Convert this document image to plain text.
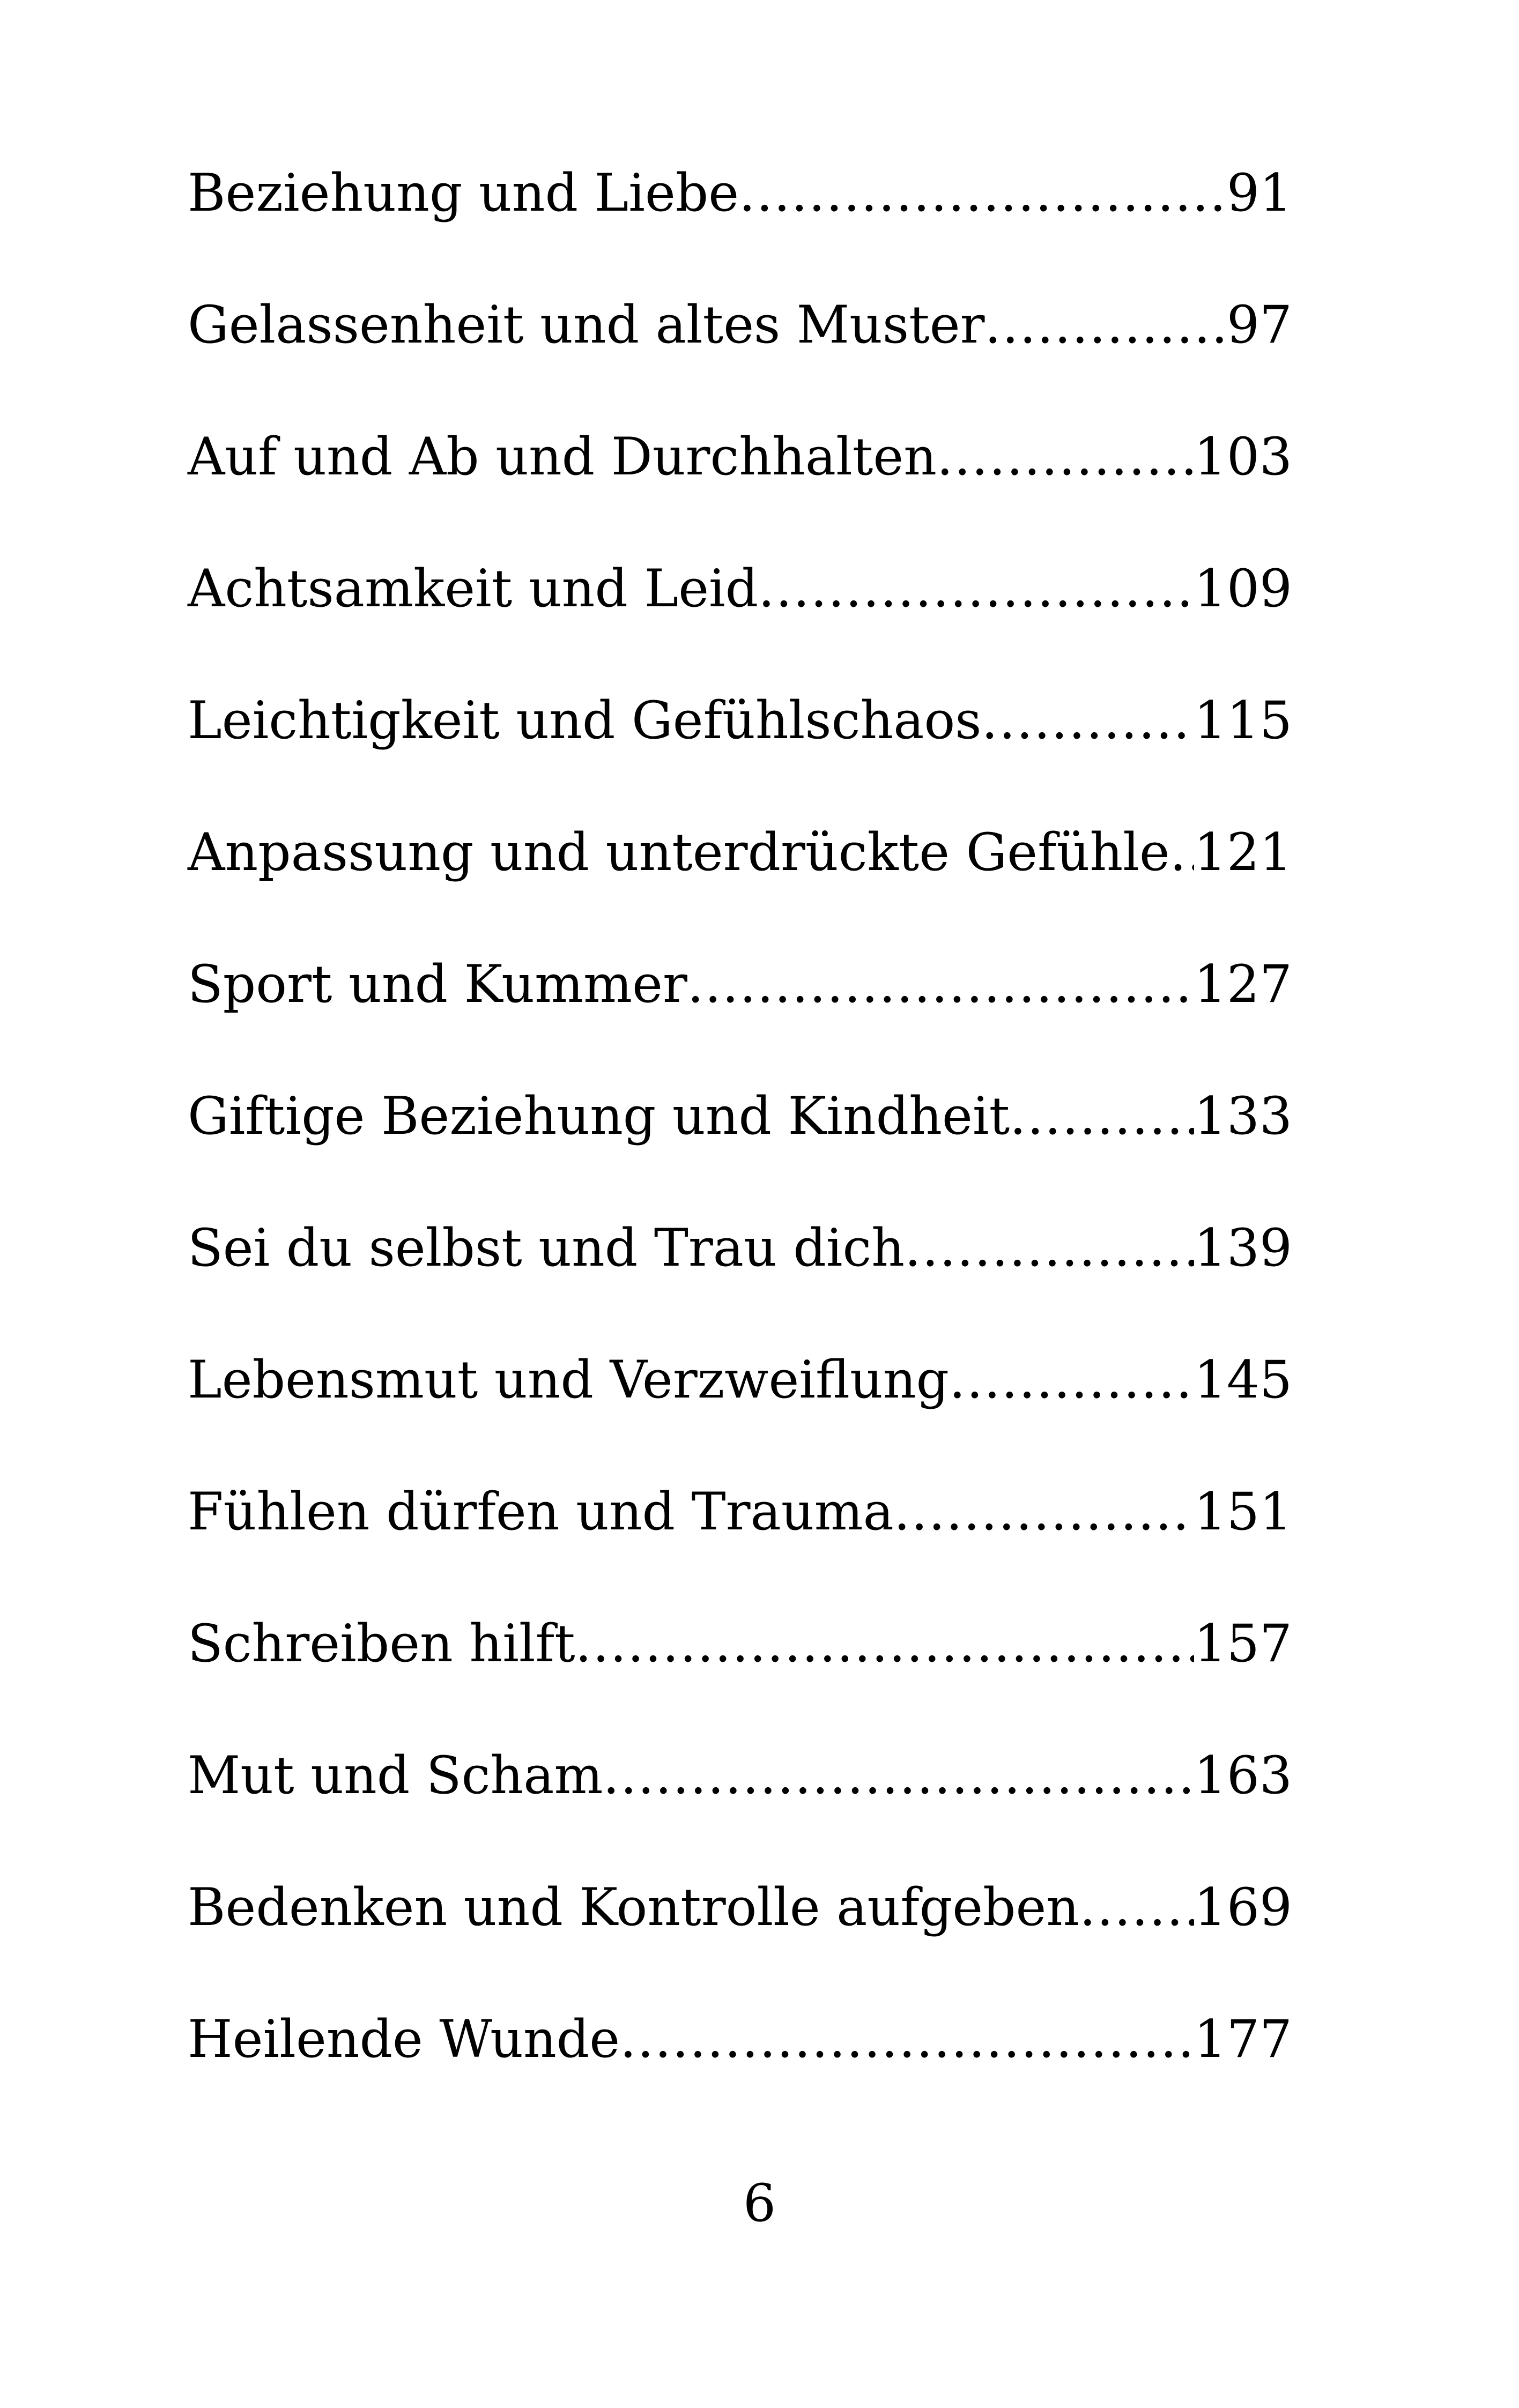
Beziehung und Liebe .....	91
Gelassenheit und altes Muster .....	97
Auf und Ab und Durchhalten .....	103
Achtsamkeit und Leid .....	109
Leichtigkeit und Gefühlschaos .....	115
Anpassung und unterdrückte Gefühle ..... 121
Sport und Kummer .....	127
Giftige Beziehung und Kindheit .....	133
Sei du selbst und Trau dich .....	139
Lebensmut und Verzweiflung .....	145
Fühlen dürfen und Trauma .....	151
Schreiben hilft .....	157
Mut und Scham .....	163
Bedenken und Kontrolle aufgeben ..... 169
Heilende Wunde .....	177
6
